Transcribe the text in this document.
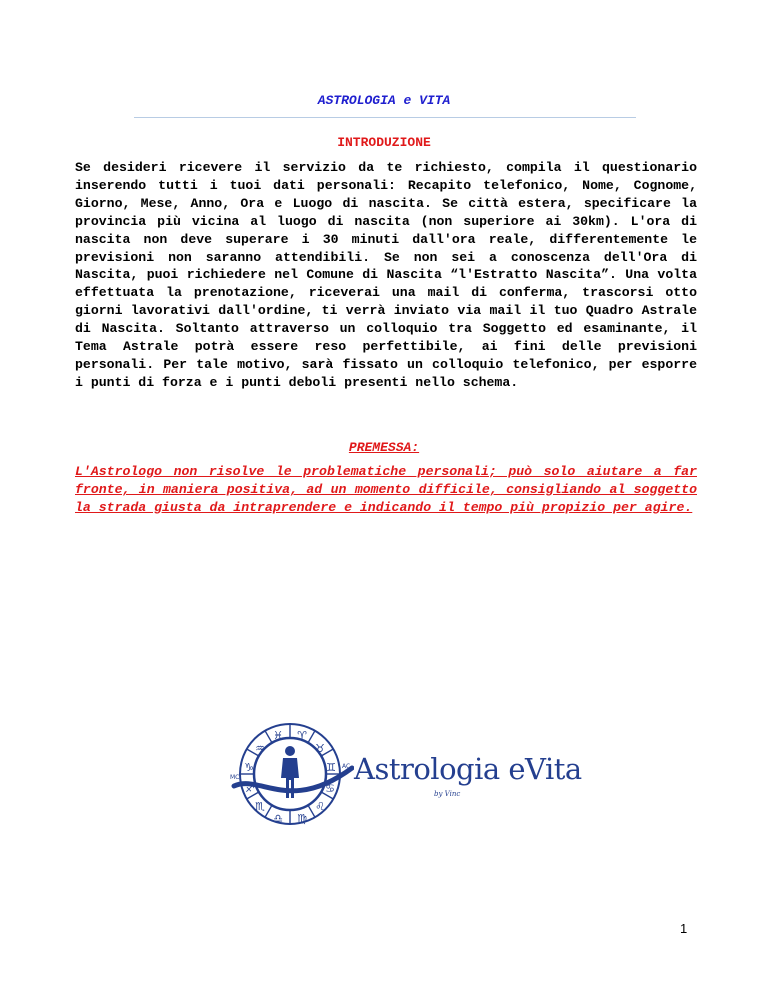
ASTROLOGIA e VITA
INTRODUZIONE

Se desideri ricevere il servizio da te richiesto, compila il questionario inserendo tutti i tuoi dati personali: Recapito telefonico, Nome, Cognome, Giorno, Mese, Anno, Ora e Luogo di nascita. Se città estera, specificare la provincia più vicina al luogo di nascita (non superiore ai 30km). L'ora di nascita non deve superare i 30 minuti dall'ora reale, differentemente le previsioni non saranno attendibili. Se non sei a conoscenza dell'Ora di Nascita, puoi richiedere nel Comune di Nascita “l'Estratto Nascita”. Una volta effettuata la prenotazione, riceverai una mail di conferma, trascorsi otto giorni lavorativi dall'ordine, ti verrà inviato via mail il tuo Quadro Astrale di Nascita. Soltanto attraverso un colloquio tra Soggetto ed esaminante, il Tema Astrale potrà essere reso perfettibile, ai fini delle previsioni personali. Per tale motivo, sarà fissato un colloquio telefonico, per esporre i punti di forza e i punti deboli presenti nello schema.

PREMESSA:

L'Astrologo non risolve le problematiche personali; può solo aiutare a far fronte, in maniera positiva, ad un momento difficile, consigliando al soggetto la strada giusta da intraprendere e indicando il tempo più propizio per agire.

♈
♉
♊
♋
♌
♍
♎
♏
♐
♑
♒
♓
MC
AC Astrologia eVita
by Vinc
1
